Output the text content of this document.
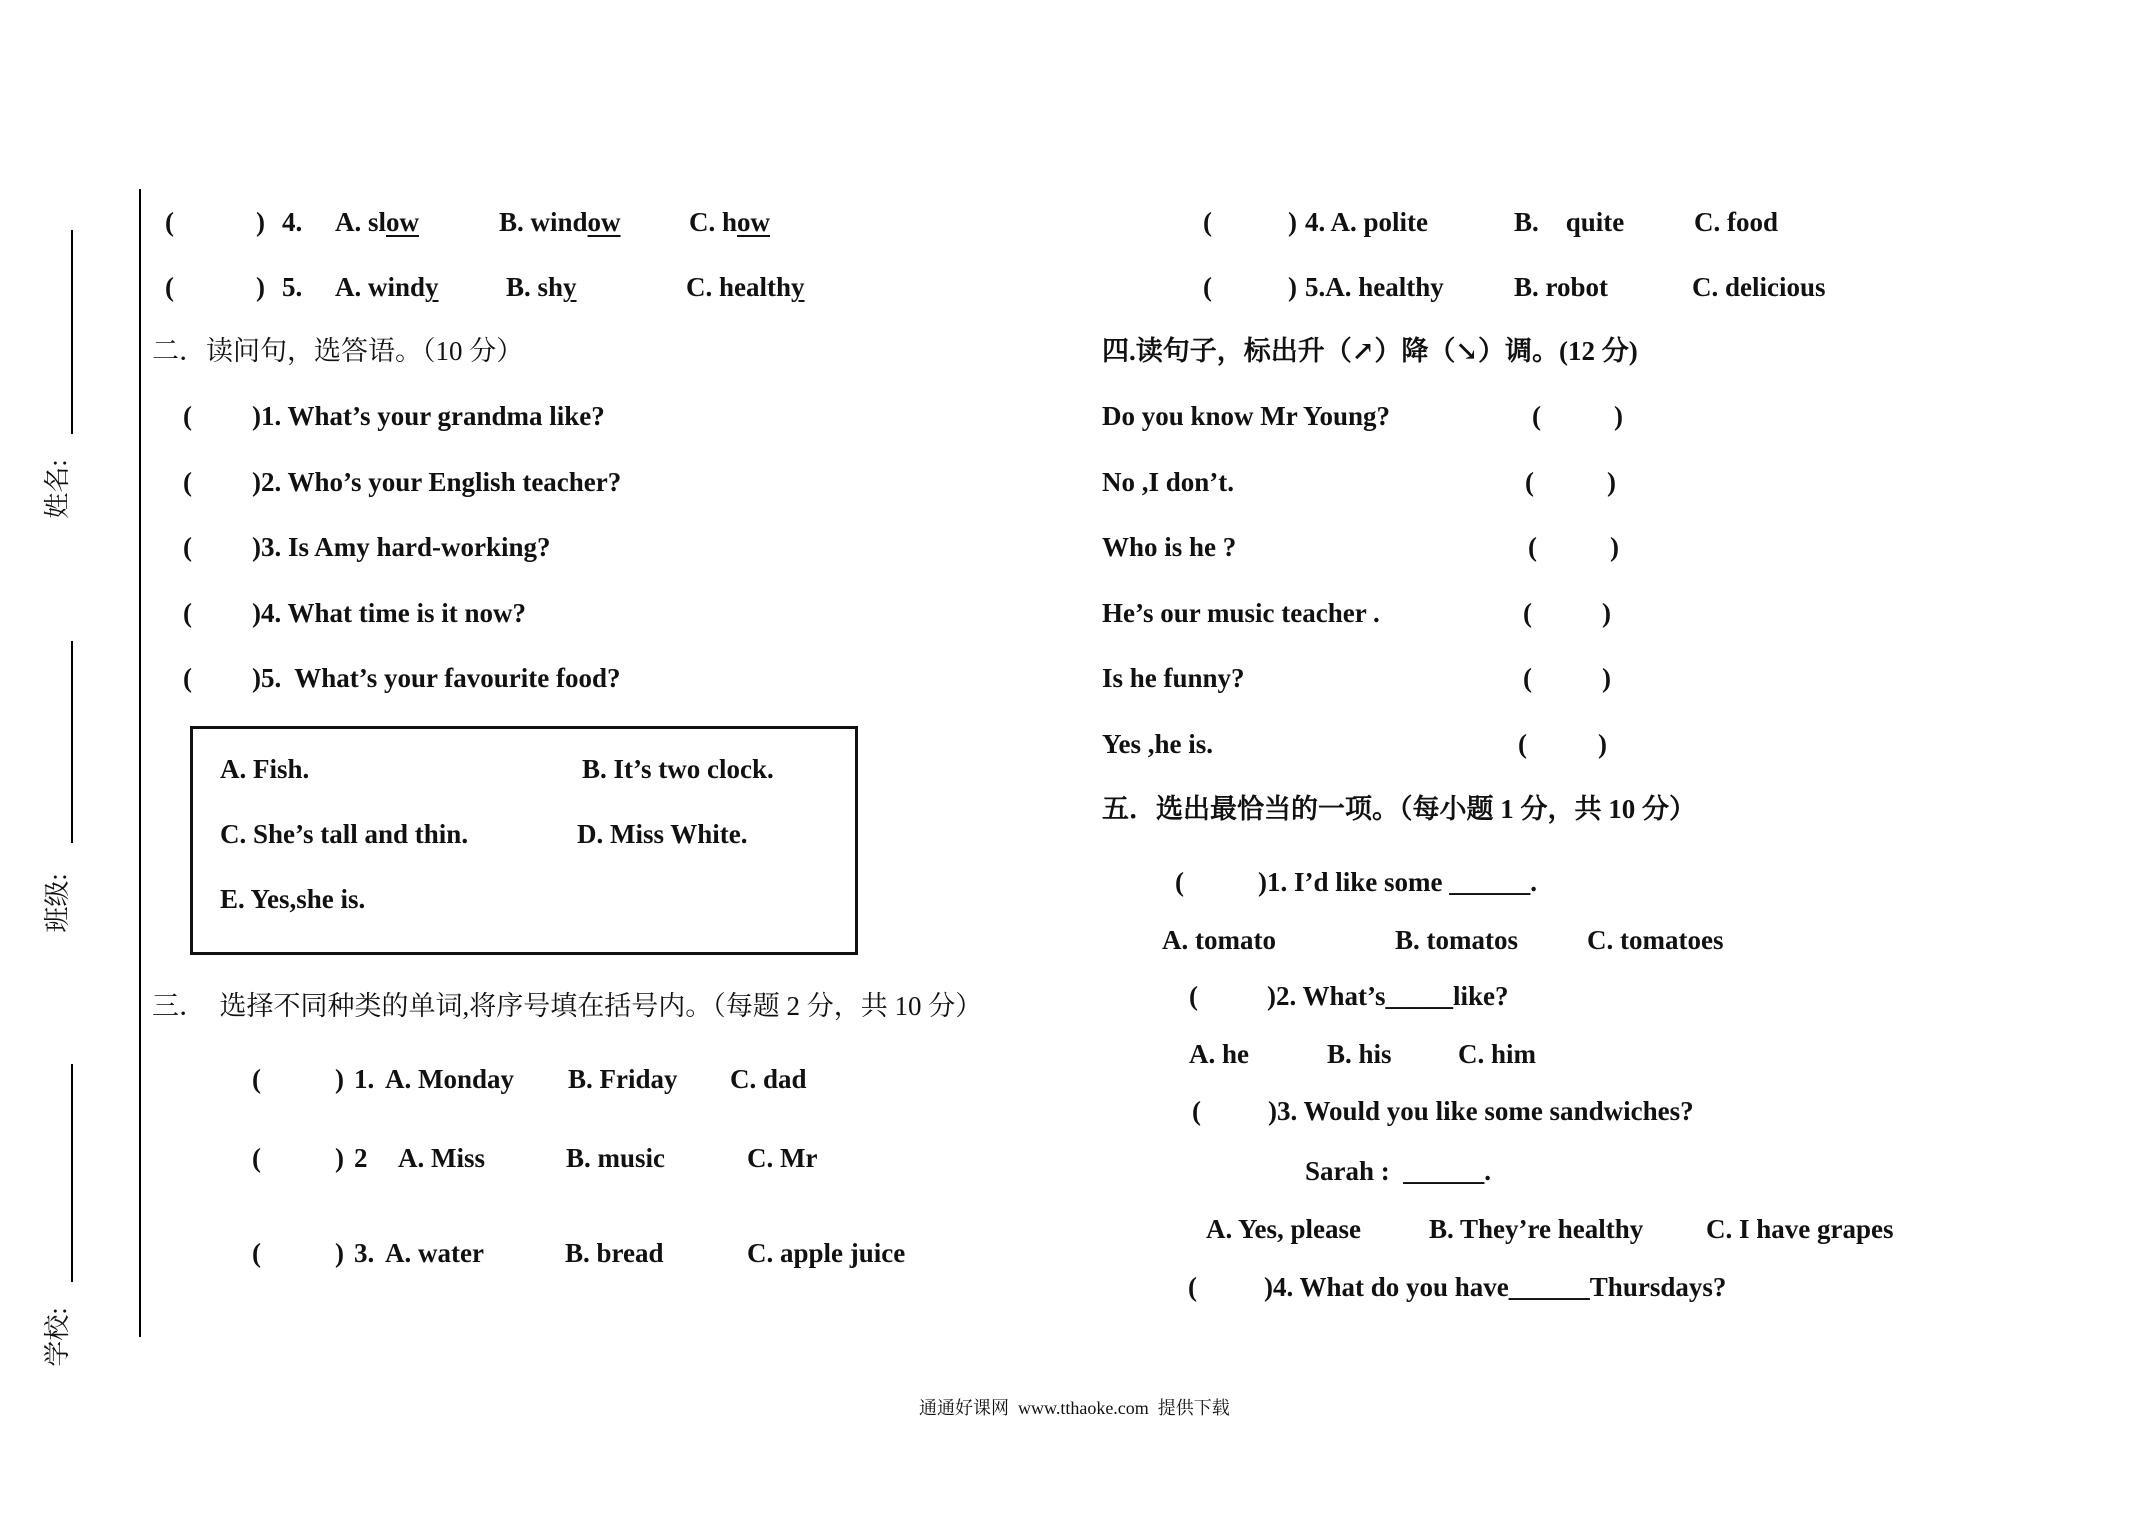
姓名:
班级:
学校:
(	) 4. A. slow	B. window	C. how
(	) 5. A. windy B. shy	C. healthy
二．读问句，选答语。（10 分）
( )1. What’s your grandma like?
( )2. Who’s your English teacher?
( )3. Is Amy hard-working?
( )4. What time is it now?
( )5.  What’s your favourite food?
A. Fish.	B. It’s two clock.
C. She’s tall and thin.	D. Miss White.
E. Yes,she is.
三．  选择不同种类的单词,将序号填在括号内。（每题 2 分，共 10 分）
(	) 1. A. Monday B. Friday C. dad
(	) 2 A. Miss	B. music	C. Mr
(	) 3. A. water	B. bread	C. apple juice
(	) 4. A. polite	B.    quite	C. food
(	) 5.A. healthy	B. robot	C. delicious
四.读句子，标出升（↗）降（↘）调。(12 分)
Do you know Mr Young?	(	)
No ,I don’t.	(	)
Who is he ?	(	)
He’s our music teacher .	(	)
Is he funny?	(	)
Yes ,he is.	(	)
五．选出最恰当的一项。（每小题 1 分，共 10 分）
(	)1. I’d like some ______.
A. tomato	B. tomatos	C. tomatoes
(	)2. What’s_____like?
A. he	B. his C. him
( )3. Would you like some sandwiches?
Sarah :  ______.
A. Yes, please	B. They’re healthy C. I have grapes
( )4. What do you have______Thursdays?
通通好课网  www.tthaoke.com  提供下载
